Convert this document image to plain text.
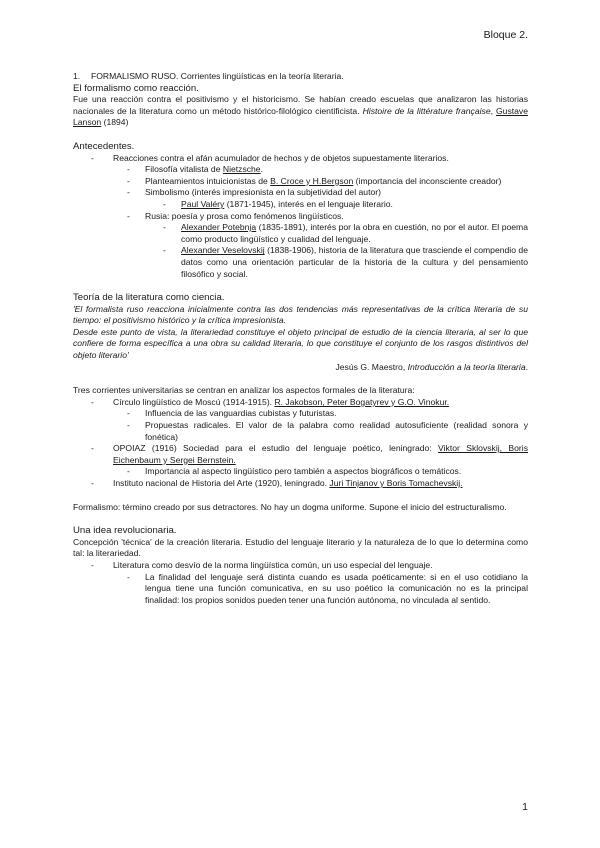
Bloque 2.

1. FORMALISMO RUSO. Corrientes lingüísticas en la teoría literaria.

El formalismo como reacción.

Fue una reacción contra el positivismo y el historicismo. Se habían creado escuelas que analizaron las historias nacionales de la literatura como un método histórico-filológico cientificista. Histoire de la littérature française, Gustave Lanson (1894)

Antecedentes.

- Reacciones contra el afán acumulador de hechos y de objetos supuestamente literarios.
- Filosofía vitalista de Nietzsche.
- Planteamientos intuicionistas de B. Croce y H.Bergson (importancia del inconsciente creador)
- Simbolismo (interés impresionista en la subjetividad del autor)
- Paul Valéry (1871-1945), interés en el lenguaje literario.
- Rusia: poesía y prosa como fenómenos lingüísticos.
- Alexander Potebnja (1835-1891), interés por la obra en cuestión, no por el autor. El poema como producto lingüístico y cualidad del lenguaje.
- Alexander Veselovskij (1838-1906), historia de la literatura que trasciende el compendio de datos como una orientación particular de la historia de la cultura y del pensamiento filosófico y social.

Teoría de la literatura como ciencia.

'El formalista ruso reacciona inicialmente contra las dos tendencias más representativas de la crítica literaria de su tiempo: el positivismo histórico y la crítica impresionista.

Desde este punto de vista, la literariedad constituye el objeto principal de estudio de la ciencia literaria, al ser lo que confiere de forma específica a una obra su calidad literaria, lo que constituye el conjunto de los rasgos distintivos del objeto literario'

Jesús G. Maestro, Introducción a la teoría literaria.

Tres corrientes universitarias se centran en analizar los aspectos formales de la literatura:

- Círculo lingüístico de Moscú (1914-1915). R. Jakobson, Peter Bogatyrev y G.O. Vinokur.
- Influencia de las vanguardias cubistas y futuristas.
- Propuestas radicales. El valor de la palabra como realidad autosuficiente (realidad sonora y fonética)
- OPOIAZ (1916) Sociedad para el estudio del lenguaje poético, leningrado: Viktor Sklovskij, Boris Eichenbaum y Sergei Bernstein.
- Importancia al aspecto lingüístico pero también a aspectos biográficos o temáticos.
- Instituto nacional de Historia del Arte (1920), leningrado. Juri Tinjanov y Boris Tomachevskij.

Formalismo: término creado por sus detractores. No hay un dogma uniforme. Supone el inicio del estructuralismo.

Una idea revolucionaria.

Concepción 'técnica' de la creación literaria. Estudio del lenguaje literario y la naturaleza de lo que lo determina como tal: la literariedad.

- Literatura como desvío de la norma lingüística común, un uso especial del lenguaje.
- La finalidad del lenguaje será distinta cuando es usada poéticamente: si en el uso cotidiano la lengua tiene una función comunicativa, en su uso poético la comunicación no es la principal finalidad: los propios sonidos pueden tener una función autónoma, no vinculada al sentido.
1
